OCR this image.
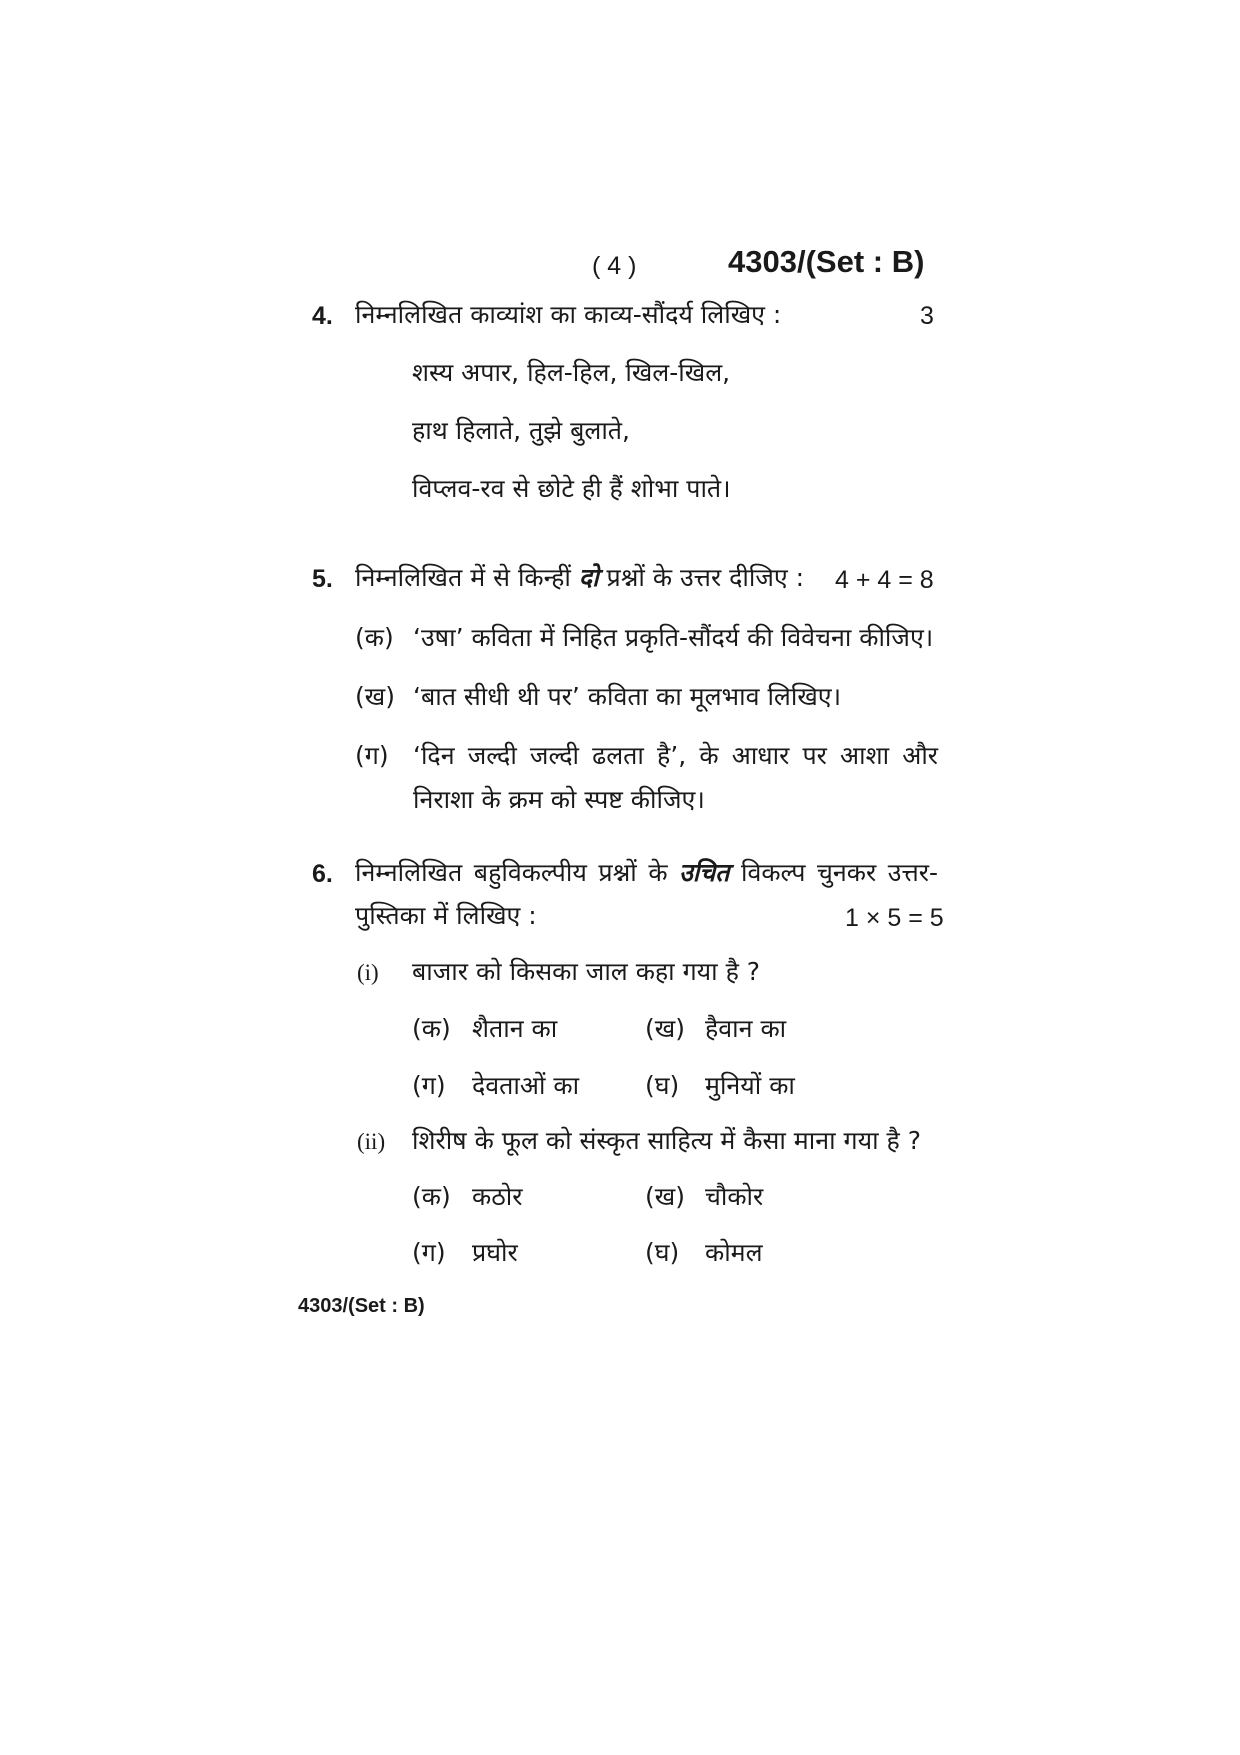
( 4 )	4303/(Set : B)
4. निम्नलिखित काव्यांश का काव्य-सौंदर्य लिखिए :	3
शस्य अपार, हिल-हिल, खिल-खिल,
हाथ हिलाते, तुझे बुलाते,
विप्लव-रव से छोटे ही हैं शोभा पाते।
5. निम्नलिखित में से किन्हीं दो प्रश्नों के उत्तर दीजिए : 4 + 4 = 8
(क) ‘उषा’ कविता में निहित प्रकृति-सौंदर्य की विवेचना कीजिए।
(ख) ‘बात सीधी थी पर’ कविता का मूलभाव लिखिए।
(ग) ‘दिन जल्दी जल्दी ढलता है’, के आधार पर आशा और
निराशा के क्रम को स्पष्ट कीजिए।
6. निम्नलिखित बहुविकल्पीय प्रश्नों के उचित विकल्प चुनकर उत्तर-
पुस्तिका में लिखिए :	1 × 5 = 5
(i) बाजार को किसका जाल कहा गया है ?
(क) शैतान का	(ख) हैवान का
(ग) देवताओं का	(घ) मुनियों का
(ii) शिरीष के फूल को संस्कृत साहित्य में कैसा माना गया है ?
(क) कठोर	(ख) चौकोर
(ग) प्रघोर	(घ) कोमल
4303/(Set : B)
